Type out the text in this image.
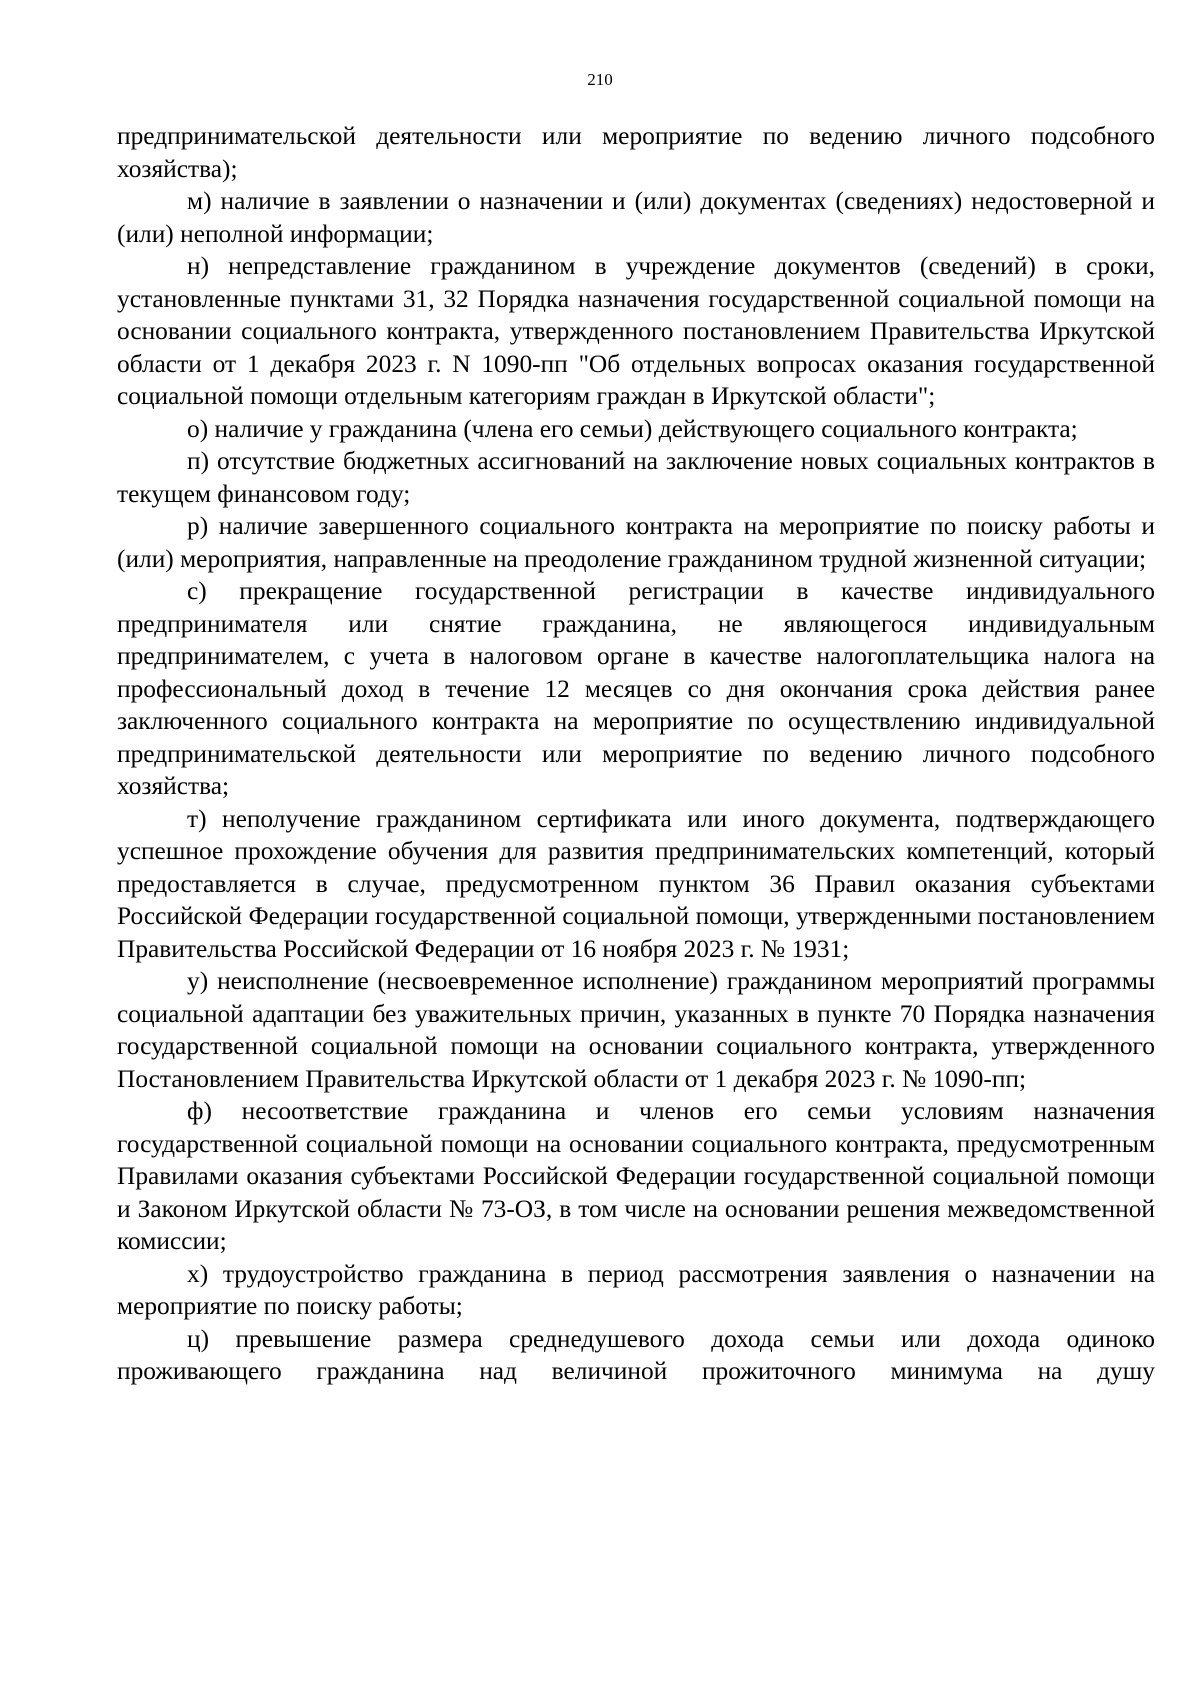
210

предпринимательской деятельности или мероприятие по ведению личного подсобного хозяйства);

м) наличие в заявлении о назначении и (или) документах (сведениях) недостоверной и (или) неполной информации;

н) непредставление гражданином в учреждение документов (сведений) в сроки, установленные пунктами 31, 32 Порядка назначения государственной социальной помощи на основании социального контракта, утвержденного постановлением Правительства Иркутской области от 1 декабря 2023 г. N 1090-пп "Об отдельных вопросах оказания государственной социальной помощи отдельным категориям граждан в Иркутской области";

о) наличие у гражданина (члена его семьи) действующего социального контракта;

п) отсутствие бюджетных ассигнований на заключение новых социальных контрактов в текущем финансовом году;

р) наличие завершенного социального контракта на мероприятие по поиску работы и (или) мероприятия, направленные на преодоление гражданином трудной жизненной ситуации;

с) прекращение государственной регистрации в качестве индивидуального предпринимателя или снятие гражданина, не являющегося индивидуальным предпринимателем, с учета в налоговом органе в качестве налогоплательщика налога на профессиональный доход в течение 12 месяцев со дня окончания срока действия ранее заключенного социального контракта на мероприятие по осуществлению индивидуальной предпринимательской деятельности или мероприятие по ведению личного подсобного хозяйства;

т) неполучение гражданином сертификата или иного документа, подтверждающего успешное прохождение обучения для развития предпринимательских компетенций, который предоставляется в случае, предусмотренном пунктом 36 Правил оказания субъектами Российской Федерации государственной социальной помощи, утвержденными постановлением Правительства Российской Федерации от 16 ноября 2023 г. № 1931;

у) неисполнение (несвоевременное исполнение) гражданином мероприятий программы социальной адаптации без уважительных причин, указанных в пункте 70 Порядка назначения государственной социальной помощи на основании социального контракта, утвержденного Постановлением Правительства Иркутской области от 1 декабря 2023 г. № 1090-пп;

ф) несоответствие гражданина и членов его семьи условиям назначения государственной социальной помощи на основании социального контракта, предусмотренным Правилами оказания субъектами Российской Федерации государственной социальной помощи и Законом Иркутской области № 73-ОЗ, в том числе на основании решения межведомственной комиссии;

х) трудоустройство гражданина в период рассмотрения заявления о назначении на мероприятие по поиску работы;

ц) превышение размера среднедушевого дохода семьи или дохода одиноко проживающего гражданина над величиной прожиточного минимума на душу
